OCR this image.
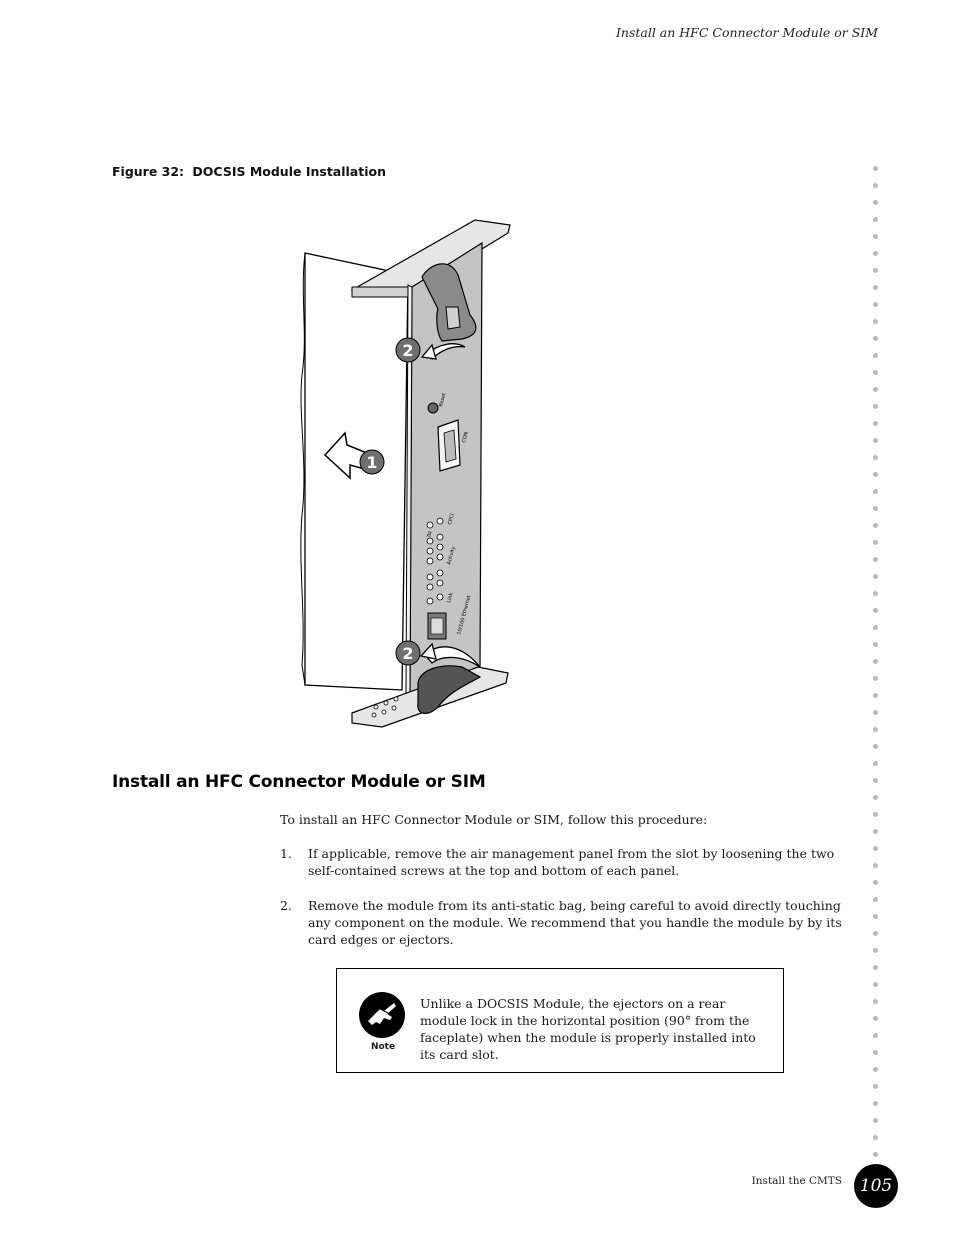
Install an HFC Connector Module or SIM
Figure 32: DOCSIS Module Installation
Reset
CON
CPCI
Tst
Activity
Link 10/100 Ethernet
2
1
2
Install an HFC Connector Module or SIM

To install an HFC Connector Module or SIM, follow this procedure:

1. If applicable, remove the air management panel from the slot by loosening the two self-contained screws at the top and bottom of each panel.
2. Remove the module from its anti-static bag, being careful to avoid directly touching any component on the module. We recommend that you handle the module by by its card edges or ejectors.
Note

Unlike a DOCSIS Module, the ejectors on a rear module lock in the horizontal position (90° from the faceplate) when the module is properly installed into its card slot.

Install the CMTS	105
